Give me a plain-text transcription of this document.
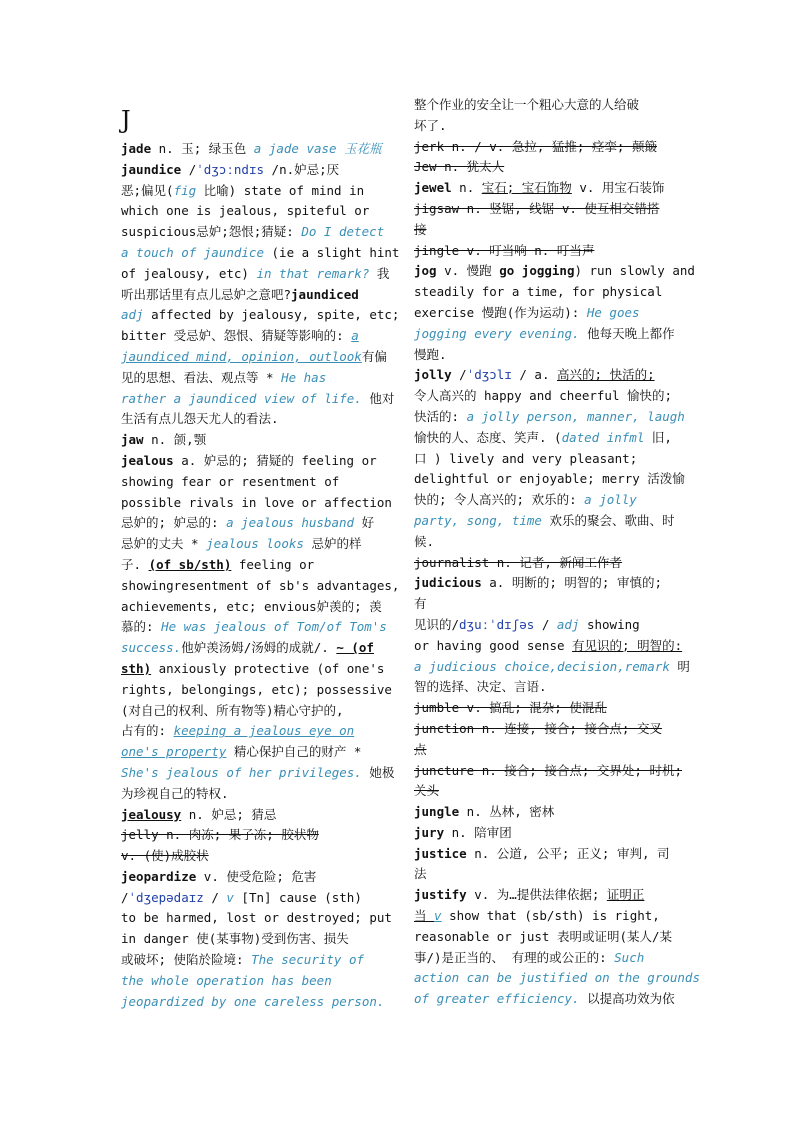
J
jade n. 玉; 绿玉色 a jade vase 玉花瓶
jaundice /ˈdʒɔːndɪs /n.妒忌;厌
恶;偏见(fig 比喻) state of mind in
which one is jealous, spiteful or
suspicious忌妒;怨恨;猜疑: Do I detect
a touch of jaundice (ie a slight hint
of jealousy, etc) in that remark? 我
听出那话里有点儿忌妒之意吧?jaundiced
adj affected by jealousy, spite, etc;
bitter 受忌妒、怨恨、猜疑等影响的: a
jaundiced mind, opinion, outlook有偏
见的思想、看法、观点等 * He has
rather a jaundiced view of life. 他对
生活有点儿怨天尤人的看法.
jaw n. 颌,颚
jealous a. 妒忌的; 猜疑的 feeling or
showing fear or resentment of
possible rivals in love or affection
忌妒的; 妒忌的: a jealous husband 好
忌妒的丈夫 * jealous looks 忌妒的样
子. (of sb/sth) feeling or
showingresentment of sb's advantages,
achievements, etc; envious妒羡的; 羡
慕的: He was jealous of Tom/of Tom's
success.他妒羡汤姆/汤姆的成就/. ~ (of
sth) anxiously protective (of one's
rights, belongings, etc); possessive
(对自己的权利、所有物等)精心守护的,
占有的: keeping a jealous eye on
one's property 精心保护自己的财产 *
She's jealous of her privileges. 她极
为珍视自己的特权.
jealousy n. 妒忌; 猜忌
jelly n. 肉冻; 果子冻; 胶状物
v. (使)成胶状
jeopardize v. 使受危险; 危害
/ˈdʒepədaɪz / v [Tn] cause (sth)
to be harmed, lost or destroyed; put
in danger 使(某事物)受到伤害、损失
或破坏; 使陷於险境: The security of
the whole operation has been
jeopardized by one careless person.
整个作业的安全让一个粗心大意的人给破
坏了.
jerk n. / v. 急拉, 猛推; 痉挛; 颠簸
Jew n. 犹太人
jewel n. 宝石; 宝石饰物 v. 用宝石装饰
jigsaw n. 竖锯, 线锯 v. 使互相交错搭
接
jingle v. 叮当响 n. 叮当声
jog v. 慢跑 go jogging) run slowly and
steadily for a time, for physical
exercise 慢跑(作为运动): He goes
jogging every evening. 他每天晚上都作
慢跑.
jolly /ˈdʒɔlɪ / a. 高兴的; 快活的;
令人高兴的 happy and cheerful 愉快的;
快活的: a jolly person, manner, laugh
愉快的人、态度、笑声. (dated infml 旧,
口 ) lively and very pleasant;
delightful or enjoyable; merry 活泼愉
快的; 令人高兴的; 欢乐的: a jolly
party, song, time 欢乐的聚会、歌曲、时
候.
journalist n. 记者, 新闻工作者
judicious a. 明断的; 明智的; 审慎的;
有
见识的/dʒuːˈdɪʃəs / adj showing
or having good sense 有见识的; 明智的:
a judicious choice,decision,remark 明
智的选择、决定、言语.
jumble v. 搞乱; 混杂; 使混乱
junction n. 连接, 接合; 接合点; 交叉
点
juncture n. 接合; 接合点; 交界处; 时机;
关头
jungle n. 丛林, 密林
jury n. 陪审团
justice n. 公道, 公平; 正义; 审判, 司
法
justify v. 为…提供法律依据; 证明正
当 v show that (sb/sth) is right,
reasonable or just 表明或证明(某人/某
事/)是正当的、 有理的或公正的: Such
action can be justified on the grounds
of greater efficiency. 以提高功效为依
